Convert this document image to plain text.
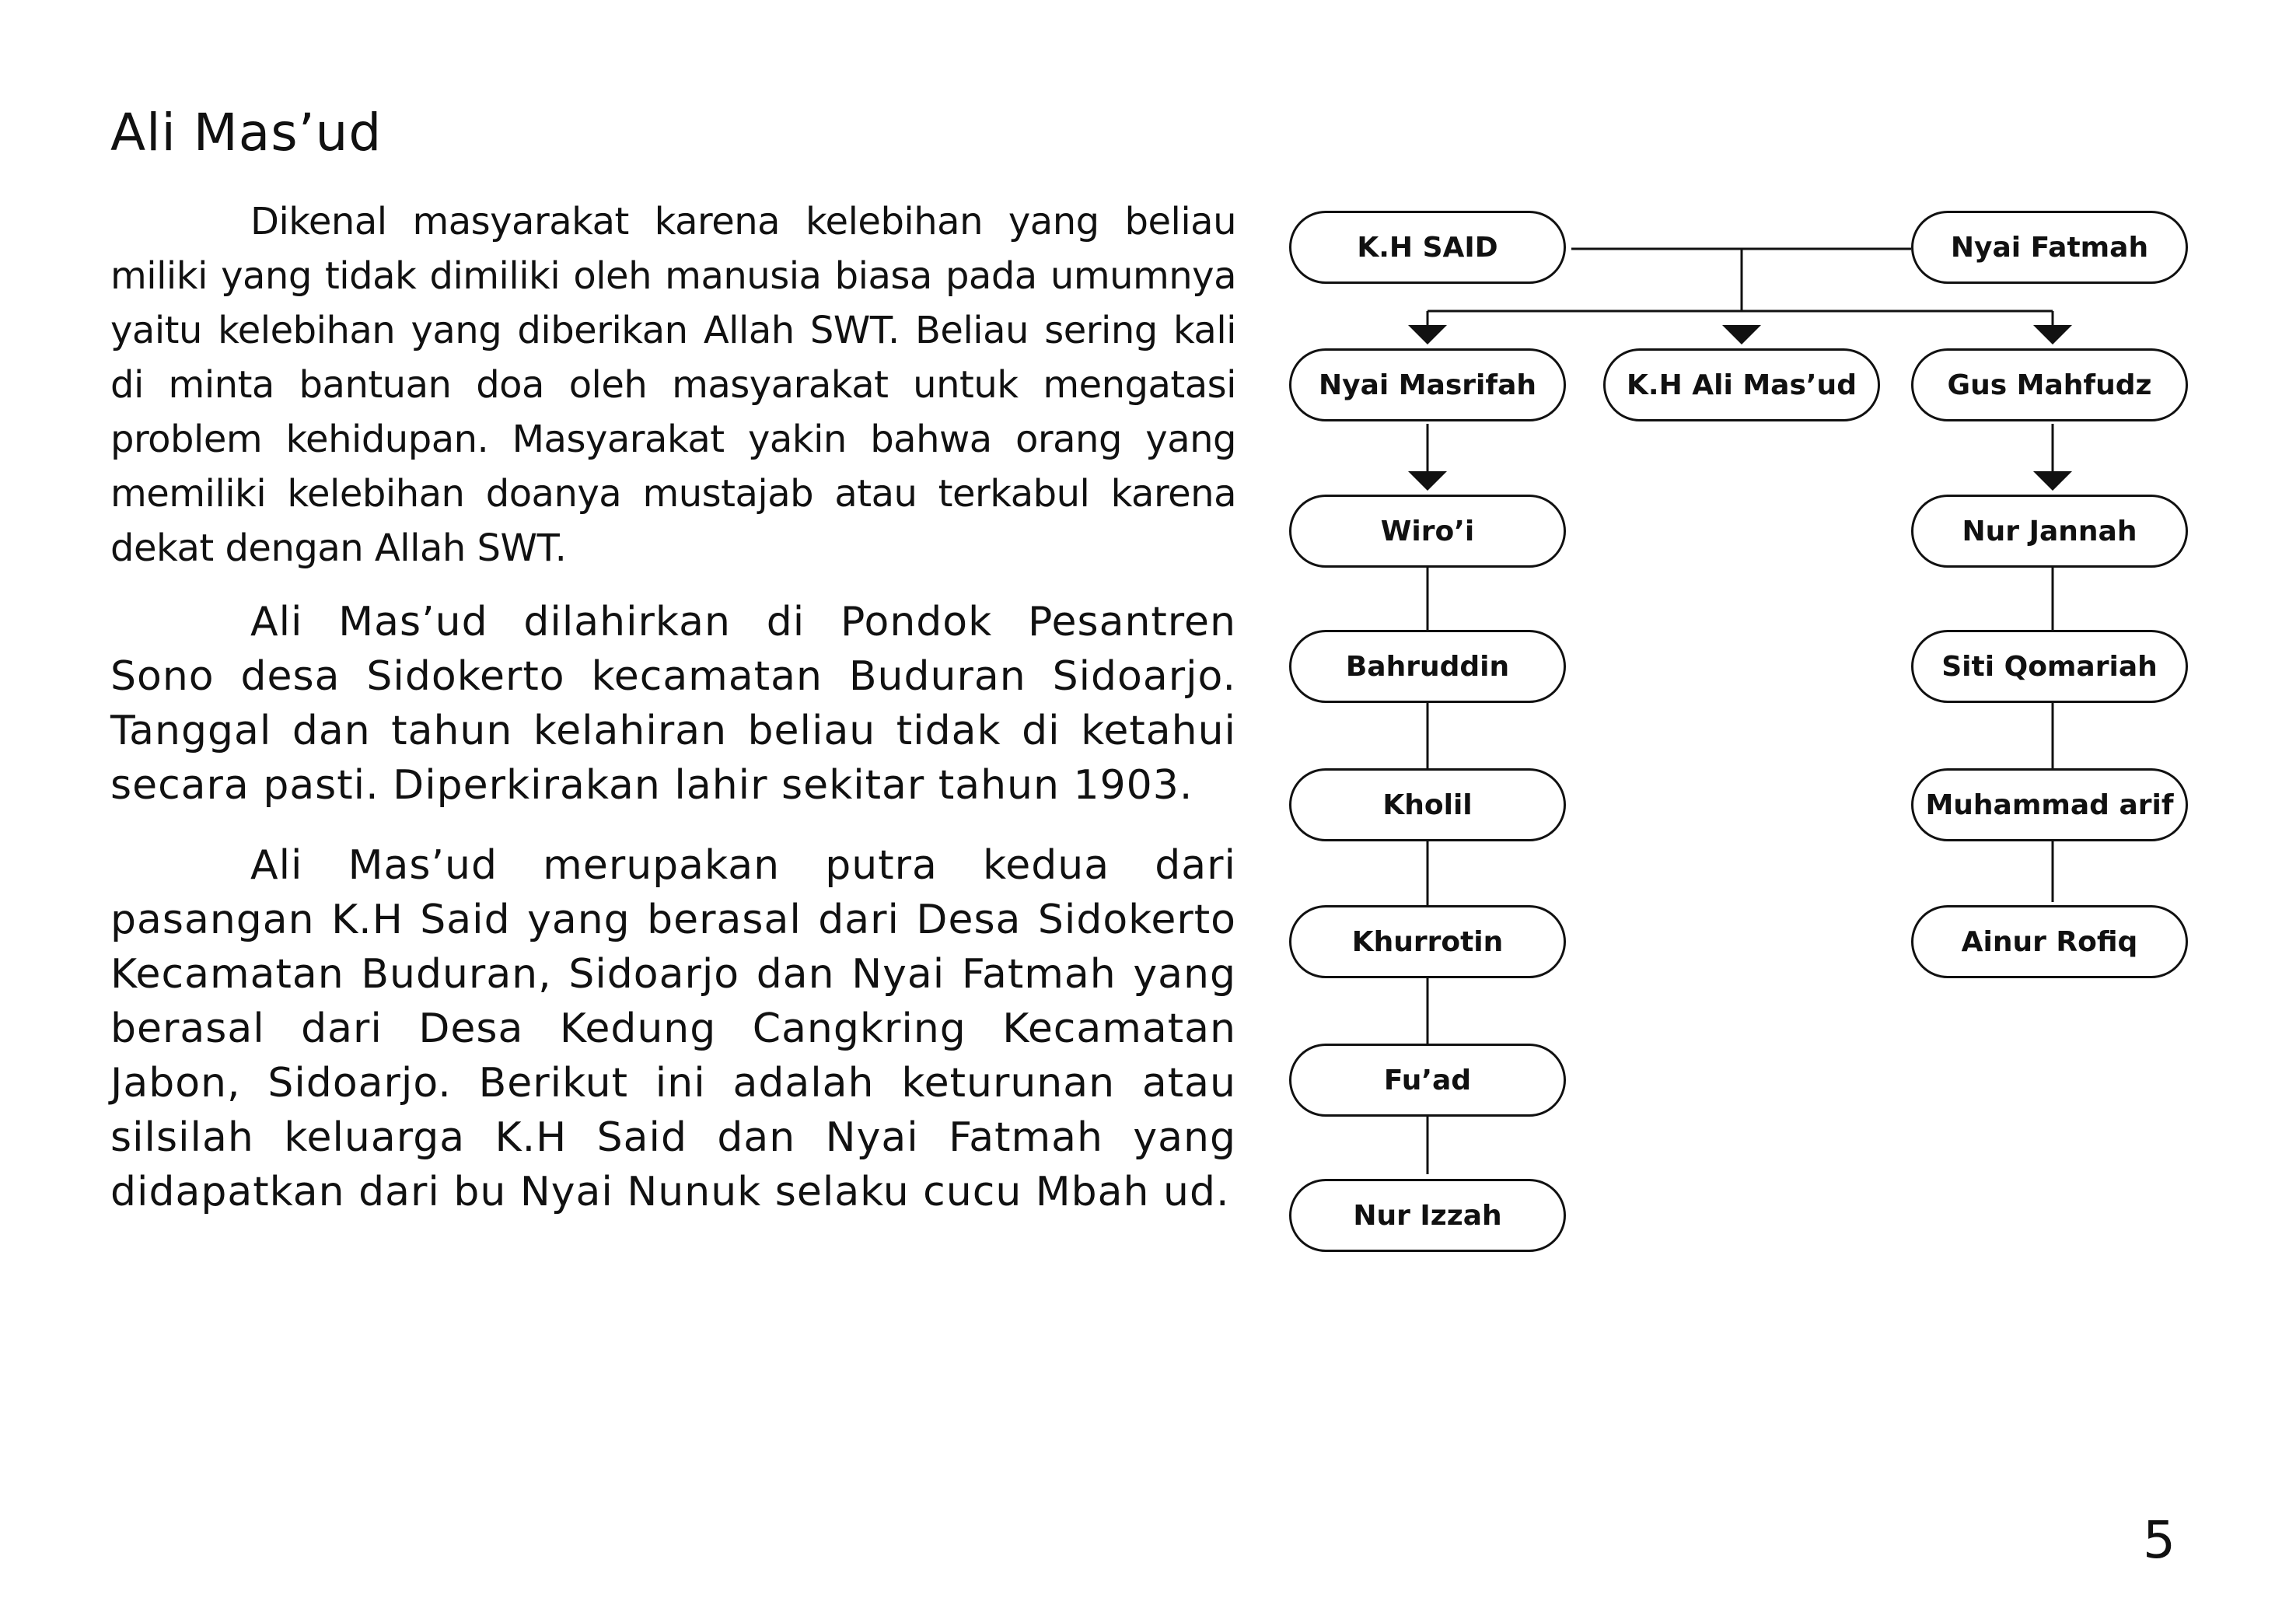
Ali Mas’ud

Dikenal masyarakat karena kelebihan yang beliau miliki yang tidak dimiliki oleh manusia biasa pada umumnya yaitu kelebihan yang diberikan Allah SWT. Beliau sering kali di minta bantuan doa oleh masyarakat untuk mengatasi problem kehidupan. Masyarakat yakin bahwa orang yang memiliki kelebihan doanya mustajab atau terkabul karena dekat dengan Allah SWT.

Ali Mas’ud dilahirkan di Pondok Pesantren Sono desa Sidokerto kecamatan Buduran Sidoarjo. Tanggal dan tahun kelahiran beliau tidak di ketahui secara pasti. Diperkirakan lahir sekitar tahun 1903.

Ali Mas’ud merupakan putra kedua dari pasangan K.H Said yang berasal dari Desa Sidokerto Kecamatan Buduran, Sidoarjo dan Nyai Fatmah yang berasal dari Desa Kedung Cangkring Kecamatan Jabon, Sidoarjo. Berikut ini adalah keturunan atau silsilah keluarga K.H Said dan Nyai Fatmah yang didapatkan dari bu Nyai Nunuk selaku cucu Mbah ud.

K.H SAID	Nyai Fatmah
Nyai Masrifah	K.H Ali Mas’ud	Gus Mahfudz
Wiro’i
Bahruddin
Kholil
Khurrotin
Fu’ad
Nur Izzah
Nur Jannah
Siti Qomariah
Muhammad arif
Ainur Rofiq
5
